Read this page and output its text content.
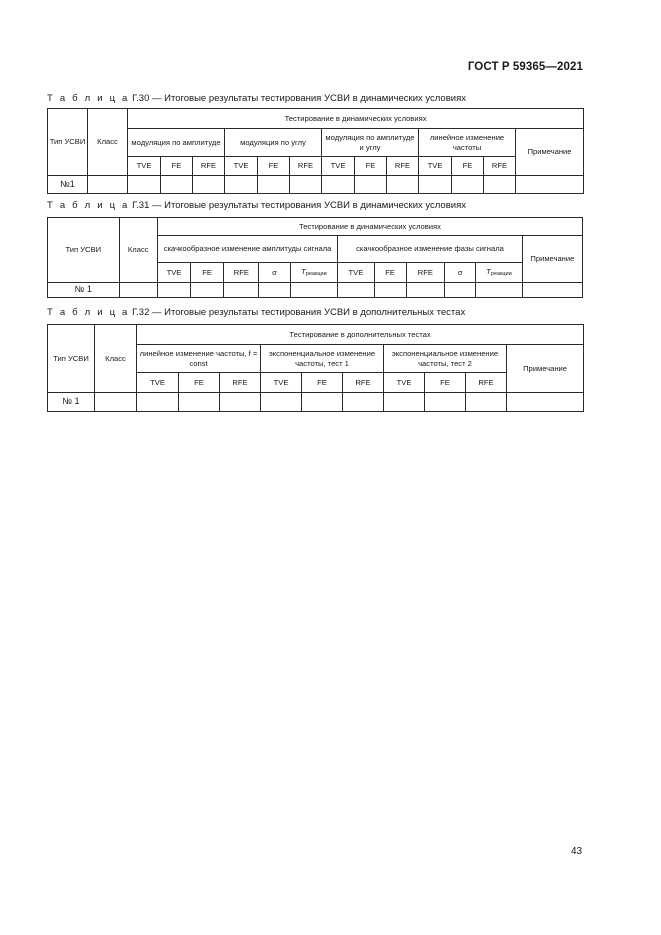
ГОСТ Р 59365—2021
Т а б л и ц а Г.30 — Итоговые результаты тестирования УСВИ в динамических условиях
Тип УСВИ	Класс	Тестирование в динамических условиях												
		модуляция по амплитуде			модуляция по углу			модуляция по амплитуде и углу			линейное изменение частоты			Примечание
		TVE	FE	RFE	TVE	FE	RFE	TVE	FE	RFE	TVE	FE	RFE	
№1														
Т а б л и ц а Г.31 — Итоговые результаты тестирования УСВИ в динамических условиях
Тип УСВИ	Класс	Тестирование в динамических условиях										
		скачкообразное изменение амплитуды сигнала					скачкообразное изменение фазы сигнала					Примечание
		TVE	FE	RFE	σ	$T_{реакции}$	TVE	FE	RFE	σ	$T_{реакции}$
№ 1												
Т а б л и ц а Г.32 — Итоговые результаты тестирования УСВИ в дополнительных тестах
Тип УСВИ	Класс	Тестирование в дополнительных тестах									
		линейное изменение частоты, f = const			экспоненциальное изменение частоты, тест 1			экспоненциальное изменение частоты, тест 2			Примечание
		TVE	FE	RFE	TVE	FE	RFE	TVE	FE	RFE	
№ 1											
43
